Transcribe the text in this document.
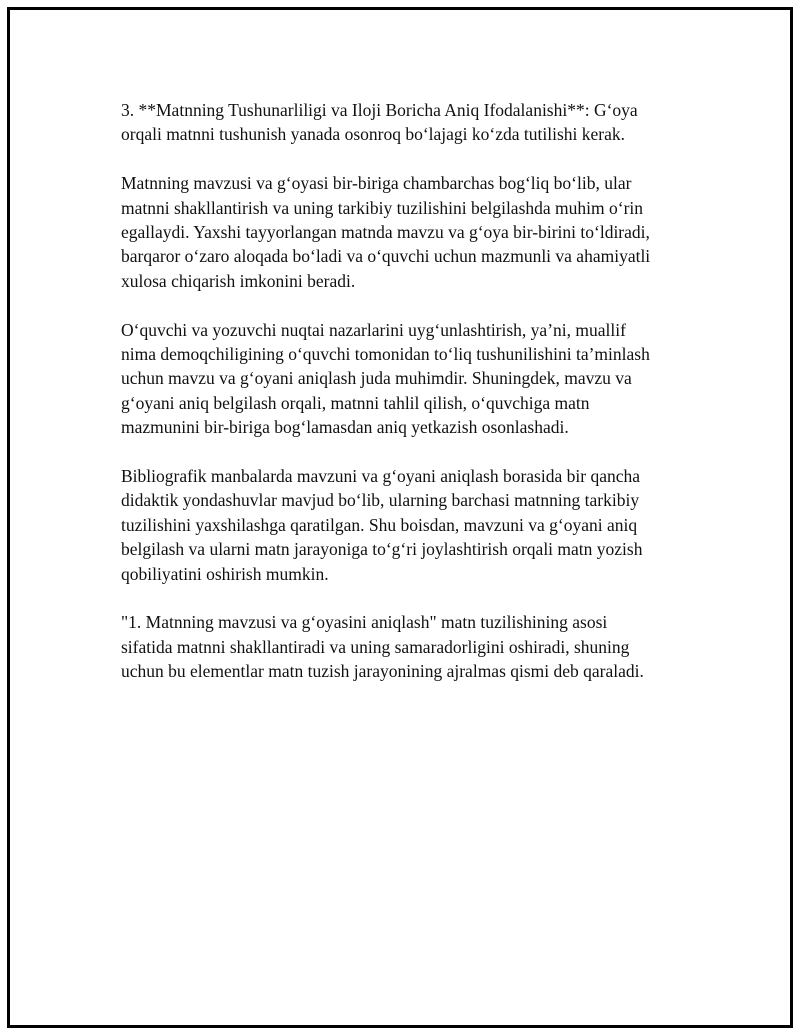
3. **Matnning Tushunarliligi va Iloji Boricha Aniq Ifodalanishi**: G‘oya
orqali matnni tushunish yanada osonroq bo‘lajagi ko‘zda tutilishi kerak.

Matnning mavzusi va g‘oyasi bir-biriga chambarchas bog‘liq bo‘lib, ular
matnni shakllantirish va uning tarkibiy tuzilishini belgilashda muhim o‘rin
egallaydi. Yaxshi tayyorlangan matnda mavzu va g‘oya bir-birini to‘ldiradi,
barqaror o‘zaro aloqada bo‘ladi va o‘quvchi uchun mazmunli va ahamiyatli
xulosa chiqarish imkonini beradi.

O‘quvchi va yozuvchi nuqtai nazarlarini uyg‘unlashtirish, ya’ni, muallif
nima demoqchiligining o‘quvchi tomonidan to‘liq tushunilishini ta’minlash
uchun mavzu va g‘oyani aniqlash juda muhimdir. Shuningdek, mavzu va
g‘oyani aniq belgilash orqali, matnni tahlil qilish, o‘quvchiga matn
mazmunini bir-biriga bog‘lamasdan aniq yetkazish osonlashadi.

Bibliografik manbalarda mavzuni va g‘oyani aniqlash borasida bir qancha
didaktik yondashuvlar mavjud bo‘lib, ularning barchasi matnning tarkibiy
tuzilishini yaxshilashga qaratilgan. Shu boisdan, mavzuni va g‘oyani aniq
belgilash va ularni matn jarayoniga to‘g‘ri joylashtirish orqali matn yozish
qobiliyatini oshirish mumkin.

"1. Matnning mavzusi va g‘oyasini aniqlash" matn tuzilishining asosi
sifatida matnni shakllantiradi va uning samaradorligini oshiradi, shuning
uchun bu elementlar matn tuzish jarayonining ajralmas qismi deb qaraladi.
